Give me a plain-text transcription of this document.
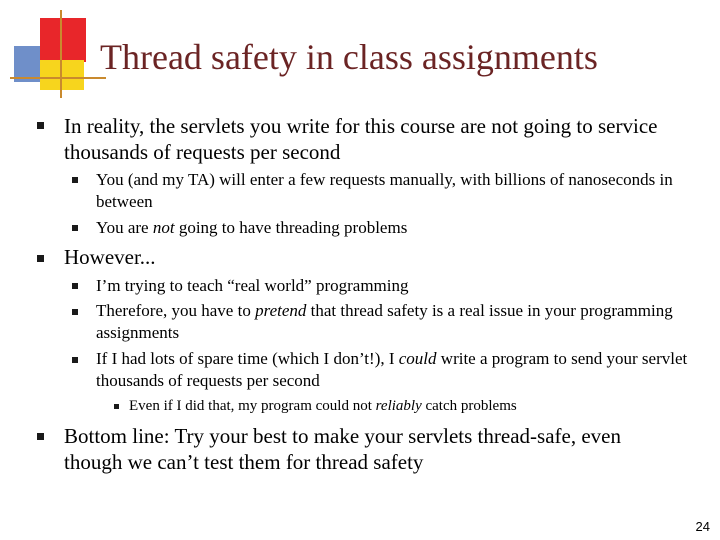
Thread safety in class assignments
In reality, the servlets you write for this course are not going to service thousands of requests per second
You (and my TA) will enter a few requests manually, with billions of nanoseconds in between
You are not going to have threading problems
However...
I’m trying to teach “real world” programming
Therefore, you have to pretend that thread safety is a real issue in your programming assignments
If I had lots of spare time (which I don’t!), I could write a program to send your servlet thousands of requests per second
Even if I did that, my program could not reliably catch problems
Bottom line: Try your best to make your servlets thread-safe, even though we can’t test them for thread safety
24
